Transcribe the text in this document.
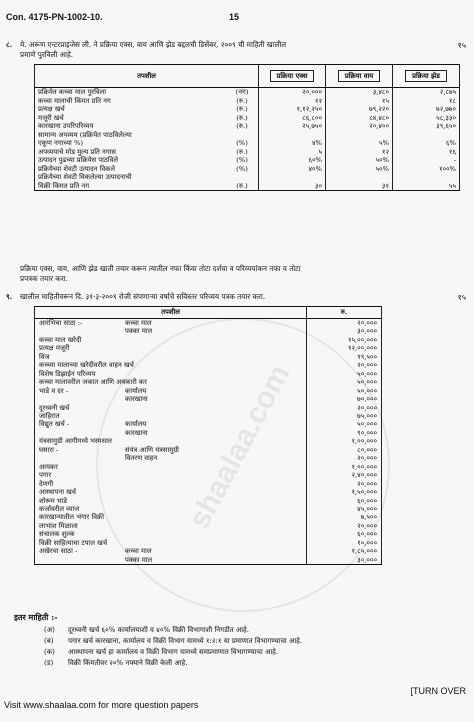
shaalaa.com
Con. 4175-PN-1002-10.	15
८. मे. अरूण एन्टरप्राइजेस ली. ने प्रक्रिया एक्स, वाय आणि झेड बद्दलची डिसेंबर, २००९ ची माहिती खालील
प्रमाणे पुरविली आहे.
१५
तपशील		प्रक्रिया एक्स	प्रक्रिया वाय	प्रक्रिया झेड
प्रक्रियेत कच्चा माल पुरविला	(नग)	२०,०००	३,४८०	२,८७५
कच्चा मालाची किंमत प्रति नग	(रु.)	१२	१५	१८
प्रत्यक्ष खर्च	(रु.)	१,१२,२५०	७९,२२०	७२,७७०
मजूरी खर्च	(रु.)	८६,८००	८४,४८०	५८,३३०
कारखाना उपरिपरिव्यय	(रु.)	२५,७५०	२०,४००	३९,६५०
सामान्य अपव्यय (प्रक्रियेत पाठविलेल्या				
एकूण नगाच्या %)	(%)	४%	५%	६%
अपव्ययाचे मोड मुल्य प्रति नगास	(रु.)	५	१२	१६
उत्पादन पुढच्या प्रक्रियेस पाठविले	(%)	६०%	५०%	-
प्रक्रियेच्या शेवटी उत्पादन विकले	(%)	४०%	५०%	१००%
प्रक्रियेच्या शेवटी विकलेल्या उत्पादनाची				
विक्री किंमत प्रति नग	(रु.)	३०	३१	५५
प्रक्रिया एक्स, वाय, आणि झेड खाती तयार करून त्यातील नफा किंवा तोटा दर्शवा व परिव्ययांकन नफा व तोटा
प्रपत्रक तयार करा.
९. खालील माहितीवरून दि. ३१-३-२००९ रोजी संपणाऱ्या वर्षाचे सविस्तर परिव्यय पत्रक तयार करा.	१५
तपशील	रु.
आरंभिचा साठा :- कच्चा माल	२०,०००
पक्का माल	३०,०००
कच्चा माल खरेदी	१५,००,०००
प्रत्यक्ष मजूरी	१२,००,०००
विज	९९,५००
कच्च्या मालाच्या खरेदीवरील वाहन खर्च	२०,०००
विशेष डिझाईन परिव्यय	५०,०००
कच्चा मालावरील जकात आणि अबकारी कर	५०,०००
भाडे व दर - कार्यालय	५०,०००
कारखाना	७०,०००
दूरध्वनी खर्च	२०,०००
जाहिरात	७५,०००
विद्युत खर्च - कार्यालय	५०,०००
कारखाना	९०,०००
यंत्रसामुग्री आगीमध्ये भस्मसात	१,००,०००
घसारा - संयंत्र आणि यंत्रसामुग्री	८०,०००
वितरण वाहन	२०,०००
आयकर	१,००,०००
पगार	२,४०,०००
देणगी	२०,०००
आस्थापना खर्च	१,५०,०००
शोरूम भाडे	६०,०००
कर्जावरील व्याज	४५,०००
कारखान्यातील भंगार विक्री	७,५००
लाभांश मिळाला	२०,०००
संचालक शुल्क	६०,०००
विक्री साहित्याचा टपाल खर्च	१०,०००
अखेरचा साठा - कच्चा माल	१,८५,०००
पक्का माल	३०,०००
इतर माहिती :-
(अ) दूरध्वनी खर्च ६०% कार्यालयाशी व ४०% विक्री विभागाशी निगडीत आहे.
(ब) पगार खर्च कारखाना, कार्यालय व विक्री विभाग यामध्ये १:२:१ या प्रमाणात विभागण्याचा आहे.
(क) आस्थापना खर्च हा कार्यालय व विक्री विभाग यामध्ये समप्रमाणात विभागण्याचा आहे.
(ड) विक्री किंमतीवर २०% नफ्याने विक्री केली आहे.
[TURN OVER
Visit www.shaalaa.com for more question papers
